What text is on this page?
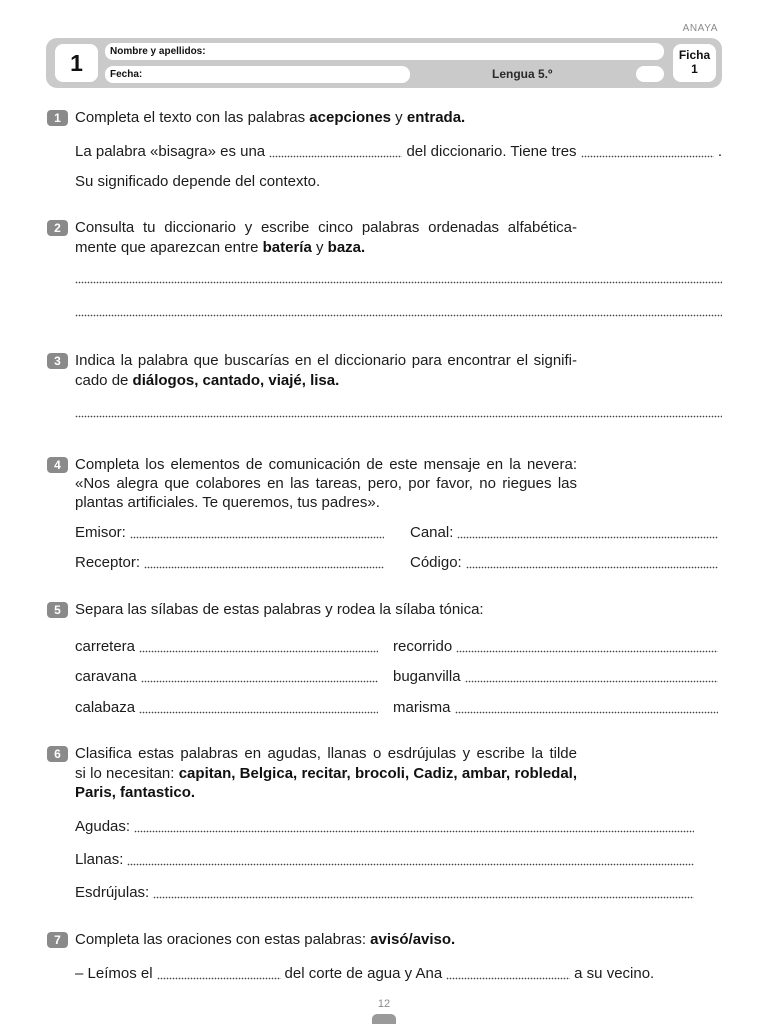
ANAYA
1	Nombre y apellidos:
Fecha:	Lengua 5.º
Ficha
1
1 Completa el texto con las palabras acepciones y entrada.
La palabra «bisagra» es una	del diccionario. Tiene tres	.
Su significado depende del contexto.
2 Consulta tu diccionario y escribe cinco palabras ordenadas alfabética-
mente que aparezcan entre batería y baza.
3 Indica la palabra que buscarías en el diccionario para encontrar el signifi-
cado de diálogos, cantado, viajé, lisa.
4 Completa los elementos de comunicación de este mensaje en la nevera:
«Nos alegra que colabores en las tareas, pero, por favor, no riegues las
plantas artificiales. Te queremos, tus padres».
Emisor:	Canal:
Receptor:	Código:
5 Separa las sílabas de estas palabras y rodea la sílaba tónica:
carretera	recorrido
caravana	buganvilla
calabaza	marisma
6 Clasifica estas palabras en agudas, llanas o esdrújulas y escribe la tilde
si lo necesitan: capitan, Belgica, recitar, brocoli, Cadiz, ambar, robledal,
Paris, fantastico.
Agudas:
Llanas:
Esdrújulas:
7 Completa las oraciones con estas palabras: avisó/aviso.
– Leímos el	del corte de agua y Ana	a su vecino.
12
